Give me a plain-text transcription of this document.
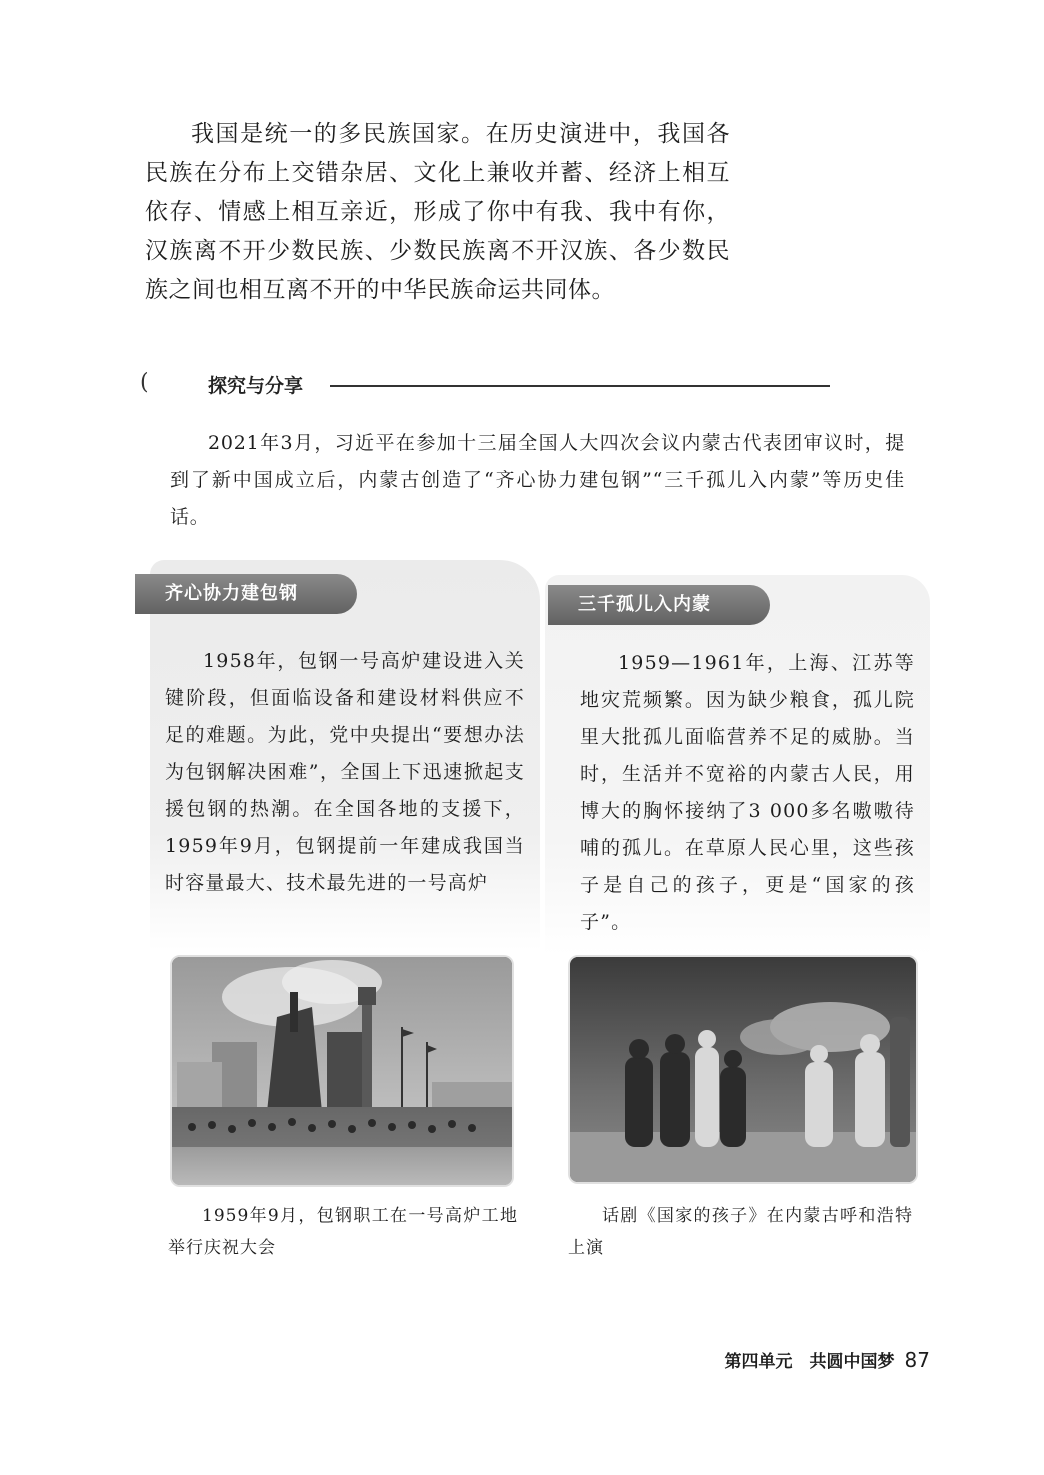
我国是统一的多民族国家。在历史演进中，我国各民族在分布上交错杂居、文化上兼收并蓄、经济上相互依存、情感上相互亲近，形成了你中有我、我中有你，汉族离不开少数民族、少数民族离不开汉族、各少数民族之间也相互离不开的中华民族命运共同体。

(	探究与分享

2021年3月，习近平在参加十三届全国人大四次会议内蒙古代表团审议时，提到了新中国成立后，内蒙古创造了“齐心协力建包钢”“三千孤儿入内蒙”等历史佳话。

齐心协力建包钢

1958年，包钢一号高炉建设进入关键阶段，但面临设备和建设材料供应不足的难题。为此，党中央提出“要想办法为包钢解决困难”，全国上下迅速掀起支援包钢的热潮。在全国各地的支援下，1959年9月，包钢提前一年建成我国当时容量最大、技术最先进的一号高炉

三千孤儿入内蒙

1959—1961年，上海、江苏等地灾荒频繁。因为缺少粮食，孤儿院里大批孤儿面临营养不足的威胁。当时，生活并不宽裕的内蒙古人民，用博大的胸怀接纳了3 000多名嗷嗷待哺的孤儿。在草原人民心里，这些孩子是自己的孩子，更是“国家的孩子”。

1959年9月，包钢职工在一号高炉工地举行庆祝大会

话剧《国家的孩子》在内蒙古呼和浩特上演

第四单元　共圆中国梦 87
